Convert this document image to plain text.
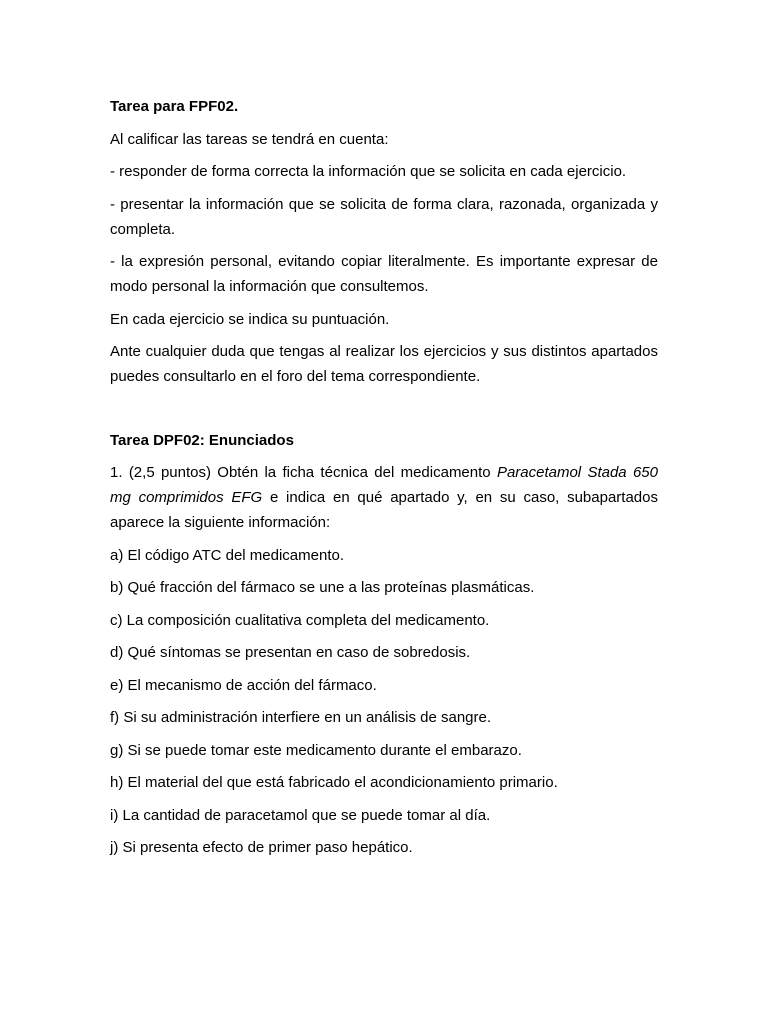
Tarea para FPF02.

Al calificar las tareas se tendrá en cuenta:

- responder de forma correcta la información que se solicita en cada ejercicio.

- presentar la información que se solicita de forma clara, razonada, organizada y completa.

- la expresión personal, evitando copiar literalmente. Es importante expresar de modo personal la información que consultemos.

En cada ejercicio se indica su puntuación.

Ante cualquier duda que tengas al realizar los ejercicios y sus distintos apartados puedes consultarlo en el foro del tema correspondiente.

Tarea DPF02: Enunciados

1. (2,5 puntos) Obtén la ficha técnica del medicamento Paracetamol Stada 650 mg comprimidos EFG e indica en qué apartado y, en su caso, subapartados aparece la siguiente información:

a) El código ATC del medicamento.

b) Qué fracción del fármaco se une a las proteínas plasmáticas.

c) La composición cualitativa completa del medicamento.

d) Qué síntomas se presentan en caso de sobredosis.

e) El mecanismo de acción del fármaco.

f) Si su administración interfiere en un análisis de sangre.

g) Si se puede tomar este medicamento durante el embarazo.

h) El material del que está fabricado el acondicionamiento primario.

i) La cantidad de paracetamol que se puede tomar al día.

j) Si presenta efecto de primer paso hepático.
